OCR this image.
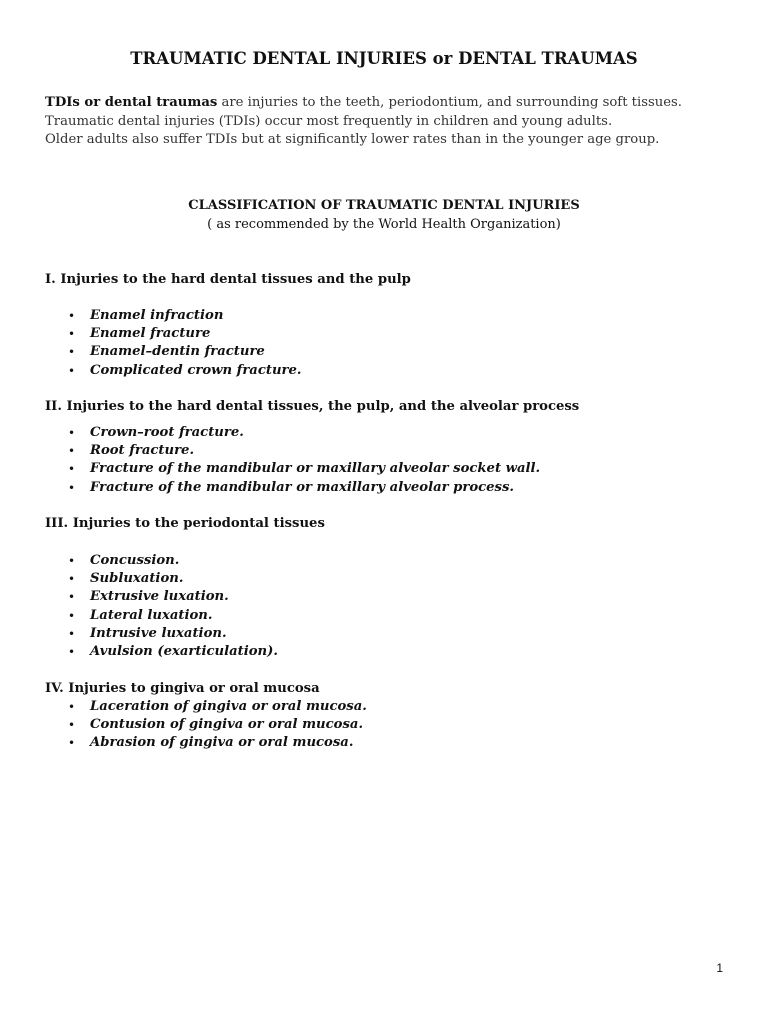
TRAUMATIC DENTAL INJURIES or DENTAL TRAUMAS
TDIs or dental traumas are injuries to the teeth, periodontium, and surrounding soft tissues.
Traumatic dental injuries (TDIs) occur most frequently in children and young adults.
Older adults also suffer TDIs but at significantly lower rates than in the younger age group.
CLASSIFICATION OF TRAUMATIC DENTAL INJURIES
( as recommended by the World Health Organization)
I. Injuries to the hard dental tissues and the pulp
• Enamel infraction
• Enamel fracture
• Enamel–dentin fracture
• Complicated crown fracture.
II. Injuries to the hard dental tissues, the pulp, and the alveolar process
• Crown–root fracture.
• Root fracture.
• Fracture of the mandibular or maxillary alveolar socket wall.
• Fracture of the mandibular or maxillary alveolar process.
III. Injuries to the periodontal tissues
• Concussion.
• Subluxation.
• Extrusive luxation.
• Lateral luxation.
• Intrusive luxation.
• Avulsion (exarticulation).
IV. Injuries to gingiva or oral mucosa
• Laceration of gingiva or oral mucosa.
• Contusion of gingiva or oral mucosa.
• Abrasion of gingiva or oral mucosa.
1
